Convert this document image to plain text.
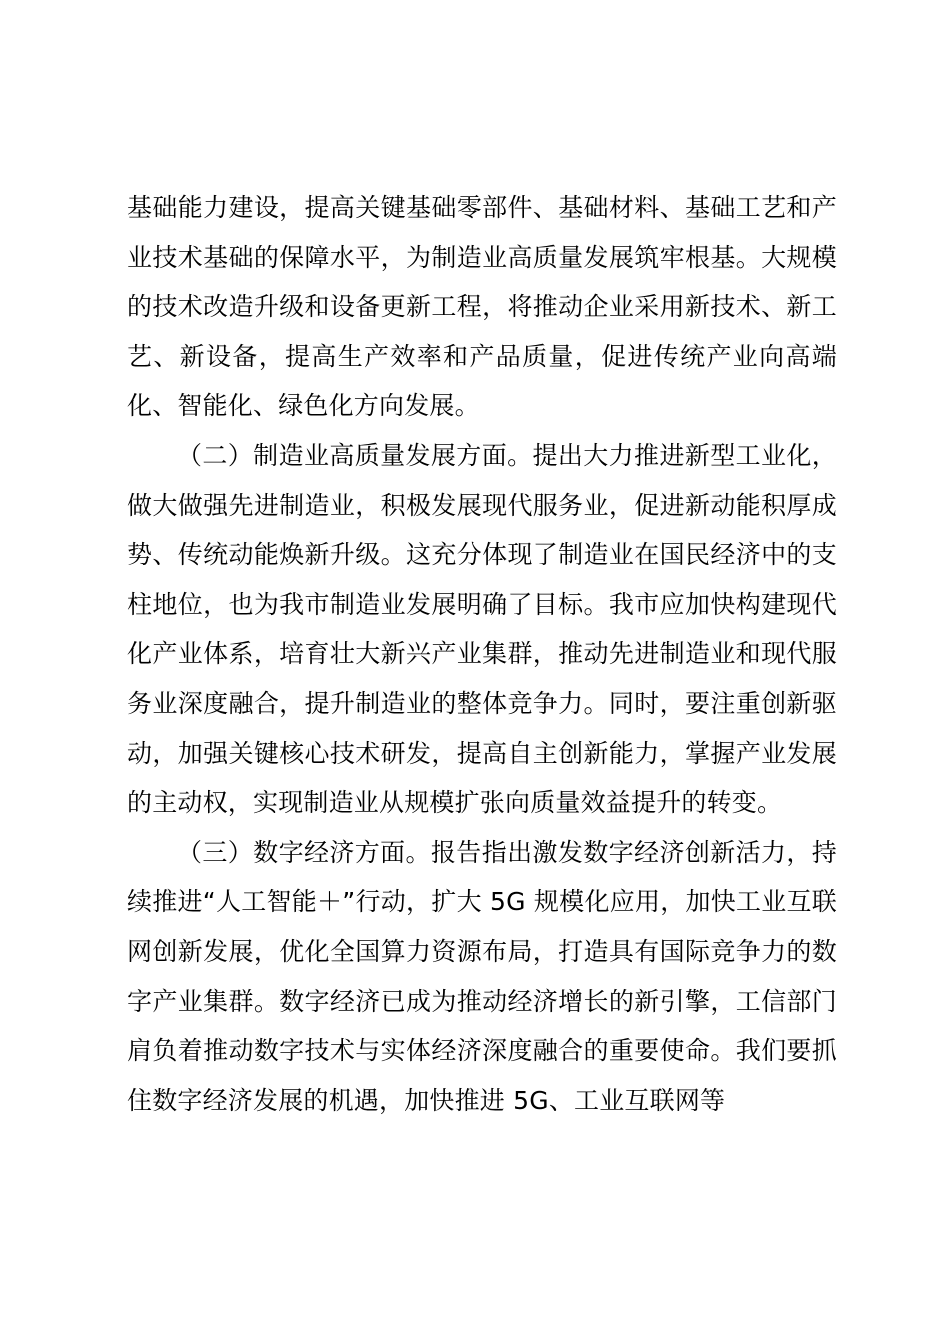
基础能力建设，提高关键基础零部件、基础材料、基础工艺和产业技术基础的保障水平，为制造业高质量发展筑牢根基。大规模的技术改造升级和设备更新工程，将推动企业采用新技术、新工艺、新设备，提高生产效率和产品质量，促进传统产业向高端化、智能化、绿色化方向发展。

（二）制造业高质量发展方面。提出大力推进新型工业化，做大做强先进制造业，积极发展现代服务业，促进新动能积厚成势、传统动能焕新升级。这充分体现了制造业在国民经济中的支柱地位，也为我市制造业发展明确了目标。我市应加快构建现代化产业体系，培育壮大新兴产业集群，推动先进制造业和现代服务业深度融合，提升制造业的整体竞争力。同时，要注重创新驱动，加强关键核心技术研发，提高自主创新能力，掌握产业发展的主动权，实现制造业从规模扩张向质量效益提升的转变。

（三）数字经济方面。报告指出激发数字经济创新活力，持续推进“人工智能＋”行动，扩大 5G 规模化应用，加快工业互联网创新发展，优化全国算力资源布局，打造具有国际竞争力的数字产业集群。数字经济已成为推动经济增长的新引擎，工信部门肩负着推动数字技术与实体经济深度融合的重要使命。我们要抓住数字经济发展的机遇，加快推进 5G、工业互联网等
